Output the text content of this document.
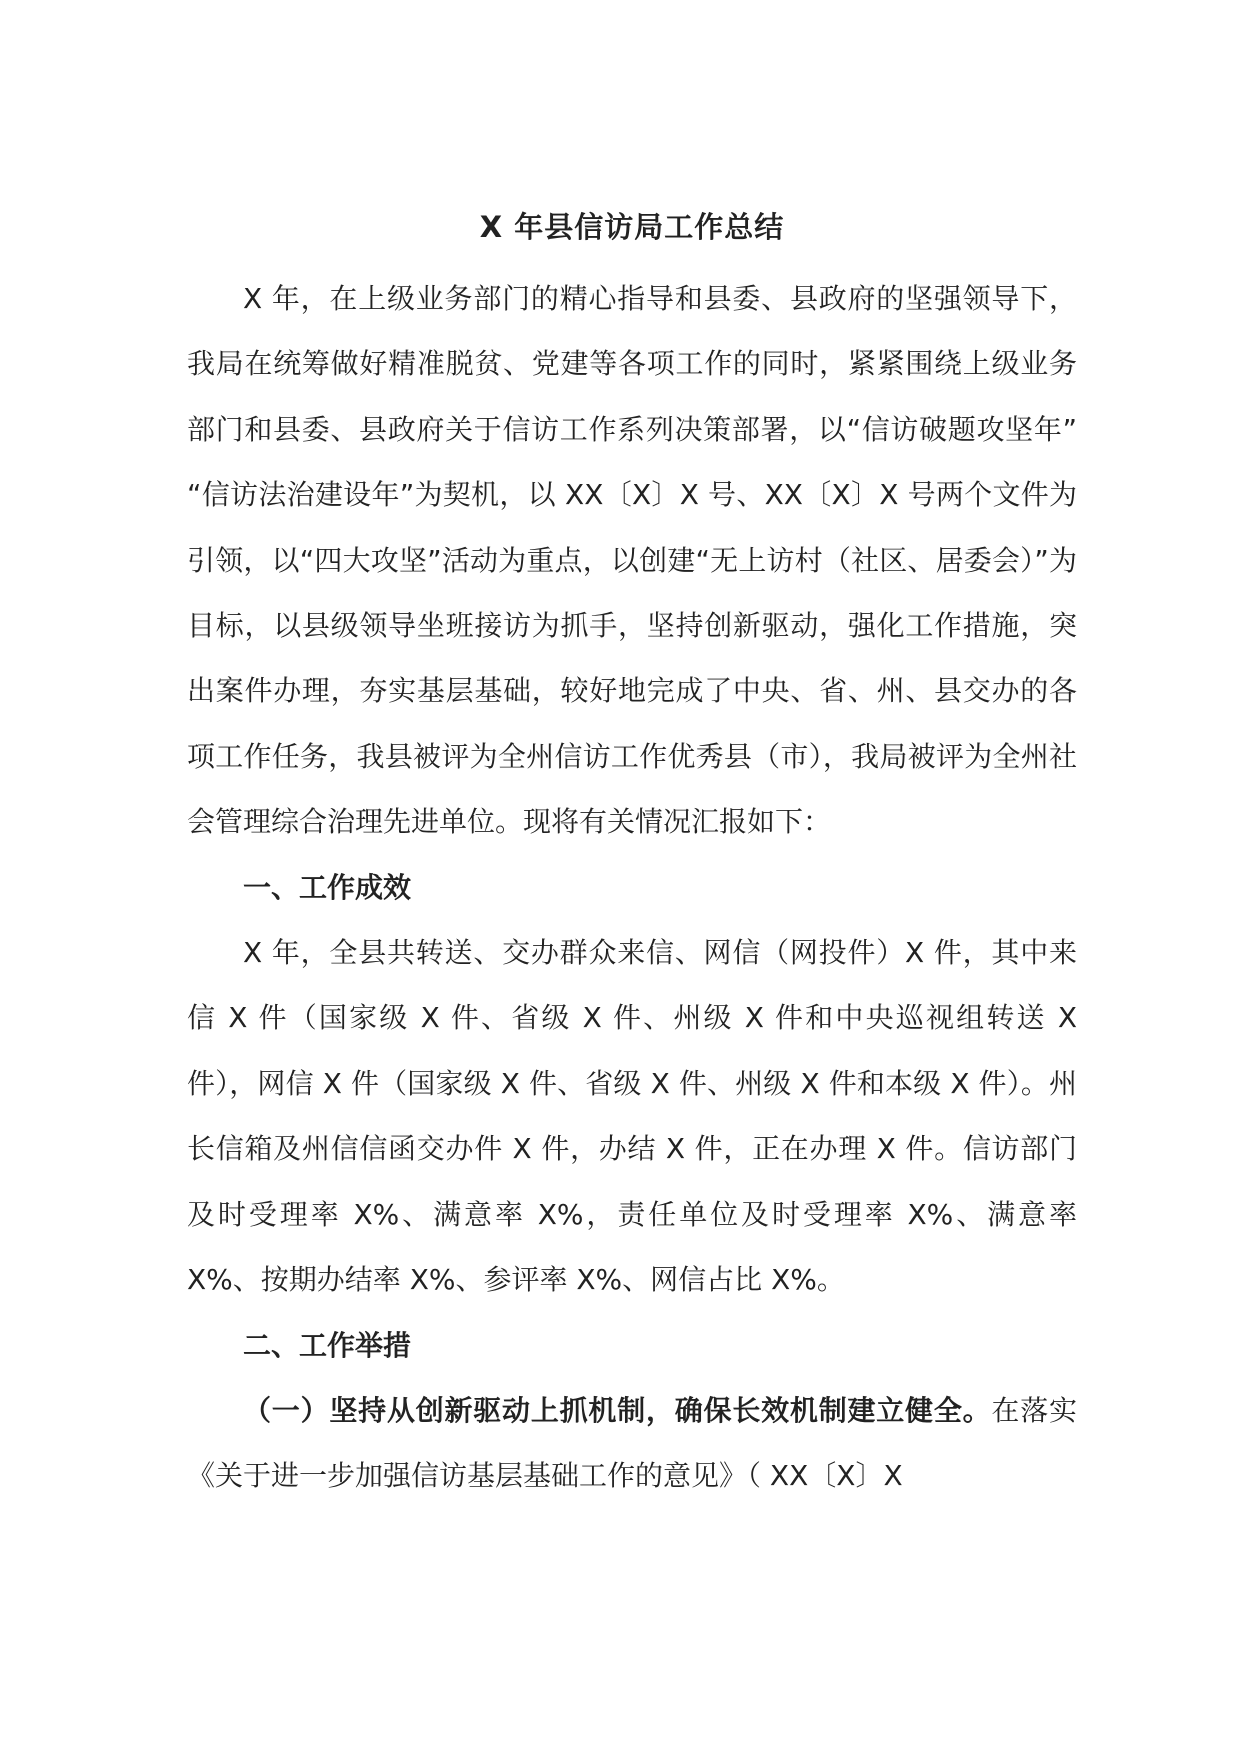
X 年县信访局工作总结

X 年，在上级业务部门的精心指导和县委、县政府的坚强领导下，我局在统筹做好精准脱贫、党建等各项工作的同时，紧紧围绕上级业务部门和县委、县政府关于信访工作系列决策部署，以“信访破题攻坚年” “信访法治建设年”为契机，以 XX〔X〕X 号、XX〔X〕X 号两个文件为引领，以“四大攻坚”活动为重点，以创建“无上访村（社区、居委会）”为目标，以县级领导坐班接访为抓手，坚持创新驱动，强化工作措施，突出案件办理，夯实基层基础，较好地完成了中央、省、州、县交办的各项工作任务，我县被评为全州信访工作优秀县（市），我局被评为全州社会管理综合治理先进单位。现将有关情况汇报如下：

一、工作成效

X 年，全县共转送、交办群众来信、网信（网投件）X 件，其中来信 X 件（国家级 X 件、省级 X 件、州级 X 件和中央巡视组转送 X 件），网信 X 件（国家级 X 件、省级 X 件、州级 X 件和本级 X 件）。州长信箱及州信信函交办件 X 件，办结 X 件，正在办理 X 件。信访部门及时受理率 X%、满意率 X%，责任单位及时受理率 X%、满意率 X%、按期办结率 X%、参评率 X%、网信占比 X%。

二、工作举措

（一）坚持从创新驱动上抓机制，确保长效机制建立健全。在落实《关于进一步加强信访基层基础工作的意见》（ XX〔X〕X
